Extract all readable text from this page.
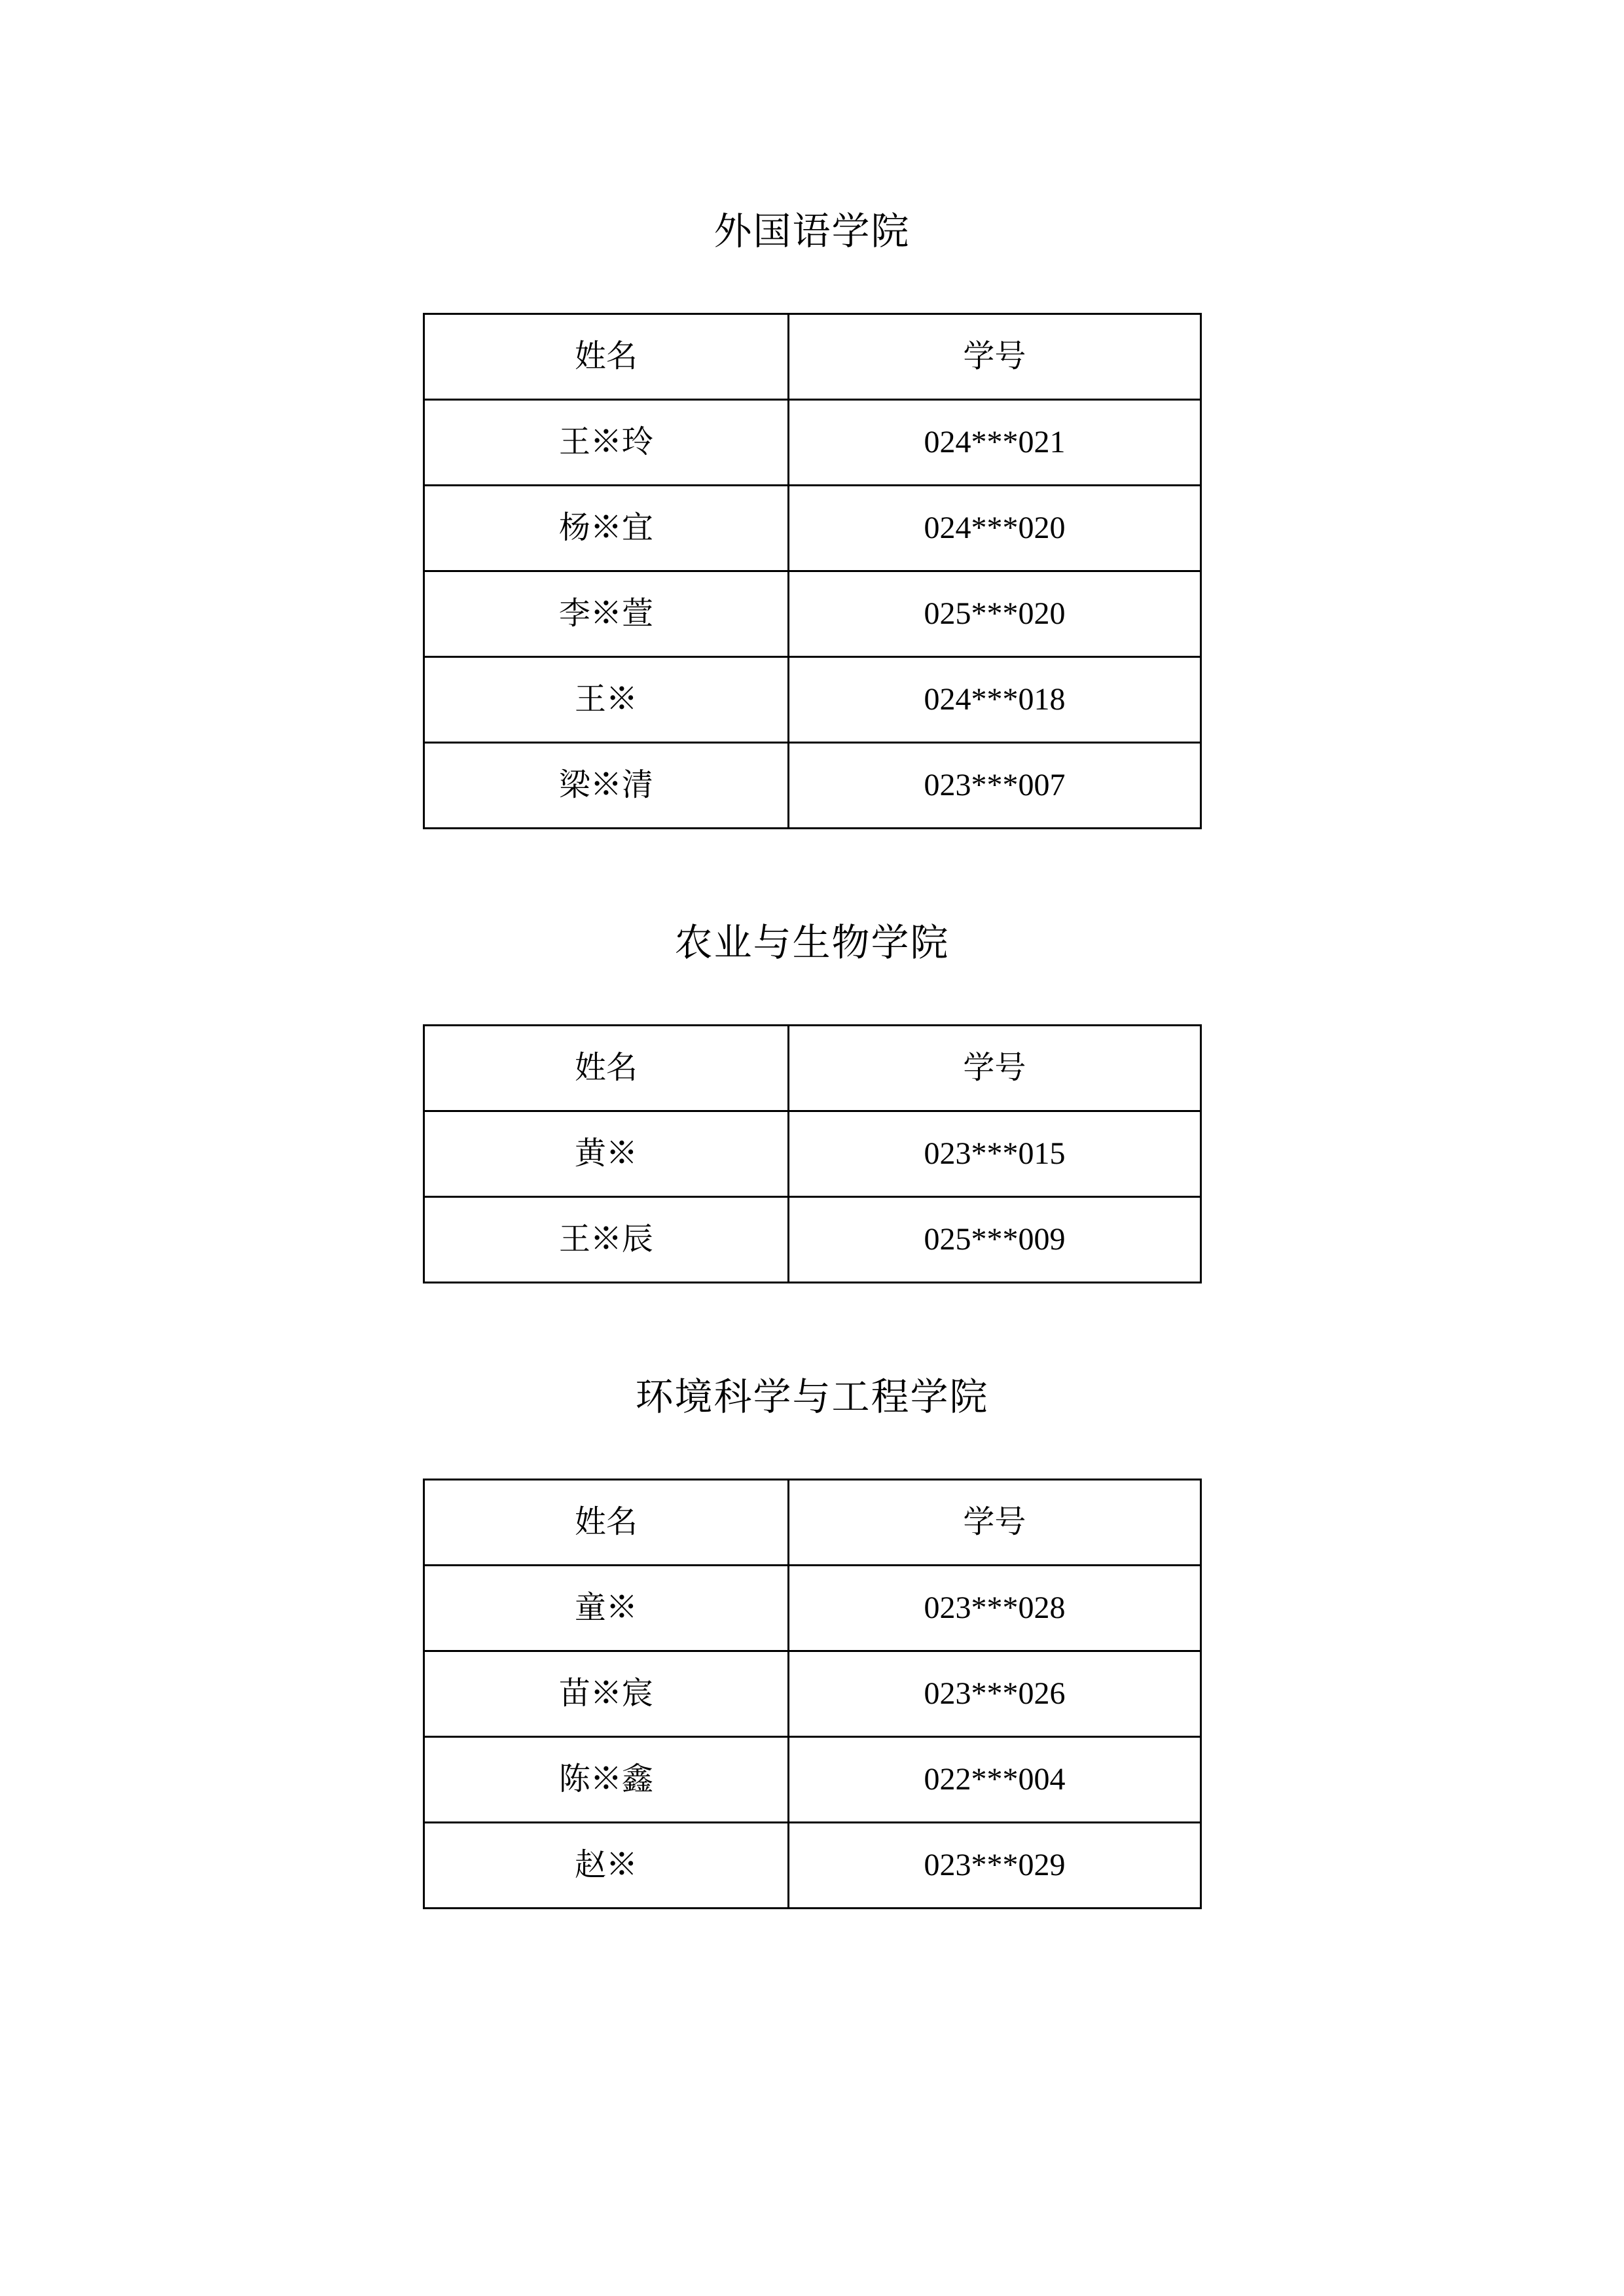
外国语学院
姓名	学号
王※玲	024***021
杨※宜	024***020
李※萱	025***020
王※	024***018
梁※清	023***007
农业与生物学院
姓名	学号
黄※	023***015
王※辰	025***009
环境科学与工程学院
姓名	学号
童※	023***028
苗※宸	023***026
陈※鑫	022***004
赵※	023***029
